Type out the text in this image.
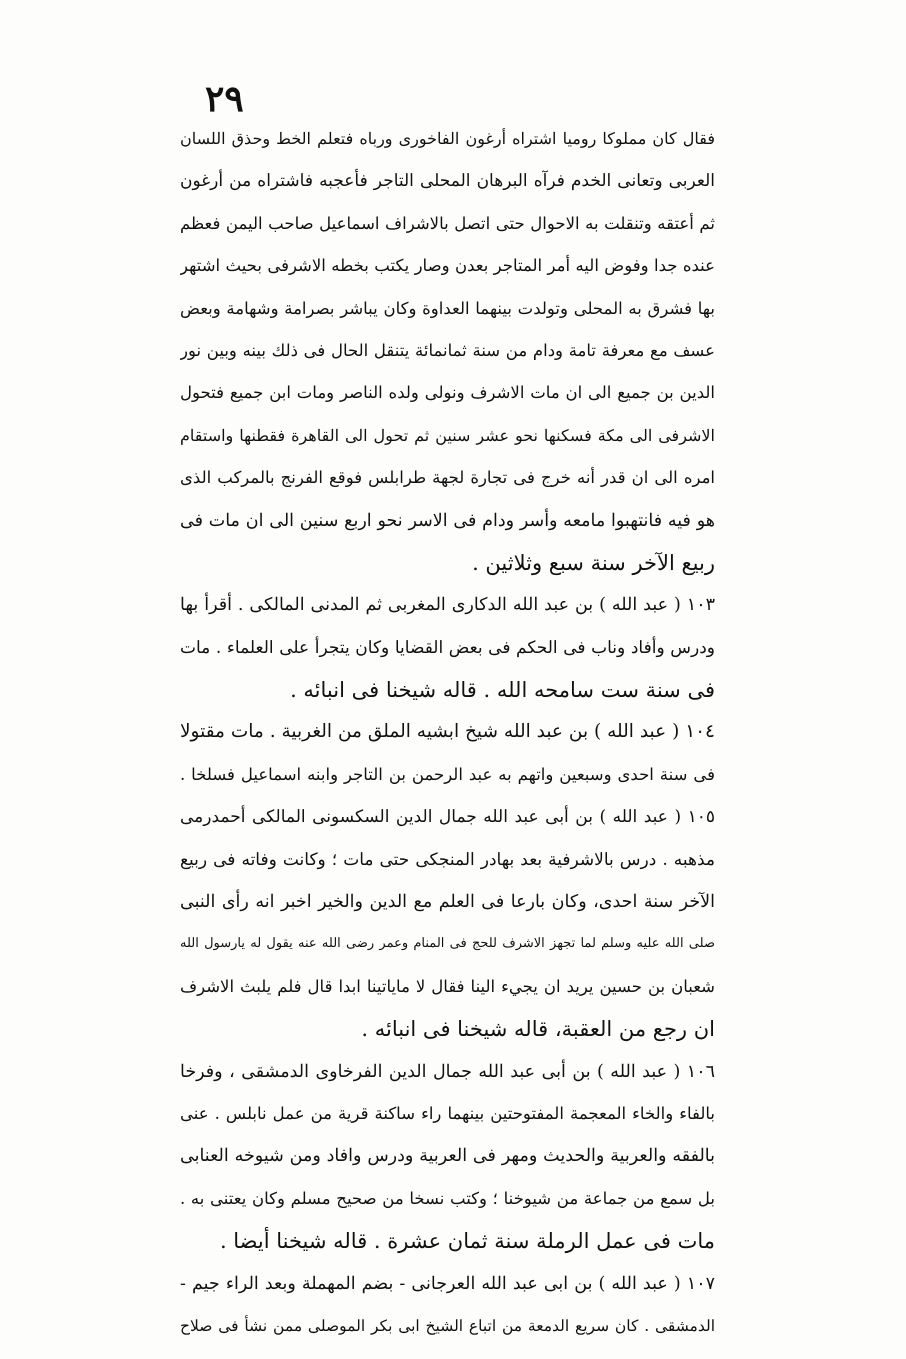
٢٩
فقال كان مملوكا روميا اشتراه أرغون الفاخورى ورباه فتعلم الخط وحذق اللسان
العربى وتعانى الخدم فرآه البرهان المحلى التاجر فأعجبه فاشتراه من أرغون
ثم أعتقه وتنقلت به الاحوال حتى اتصل بالاشراف اسماعيل صاحب اليمن فعظم
عنده جدا وفوض اليه أمر المتاجر بعدن وصار يكتب بخطه الاشرفى بحيث اشتهر
بها فشرق به المحلى وتولدت بينهما العداوة وكان يباشر بصرامة وشهامة وبعض
عسف مع معرفة تامة ودام من سنة ثمانمائة يتنقل الحال فى ذلك بينه وبين نور
الدين بن جميع الى ان مات الاشرف ونولى ولده الناصر ومات ابن جميع فتحول
الاشرفى الى مكة فسكنها نحو عشر سنين ثم تحول الى القاهرة فقطنها واستقام
امره الى ان قدر أنه خرج فى تجارة لجهة طرابلس فوقع الفرنج بالمركب الذى
هو فيه فانتهبوا مامعه وأسر ودام فى الاسر نحو اربع سنين الى ان مات فى
ربيع الآخر سنة سبع وثلاثين .
١٠٣ ( عبد الله ) بن عبد الله الدكارى المغربى ثم المدنى المالكى . أقرأ بها
ودرس وأفاد وناب فى الحكم فى بعض القضايا وكان يتجرأ على العلماء . مات
فى سنة ست سامحه الله . قاله شيخنا فى انبائه .
١٠٤ ( عبد الله ) بن عبد الله شيخ ابشيه الملق من الغربية . مات مقتولا
فى سنة احدى وسبعين واتهم به عبد الرحمن بن التاجر وابنه اسماعيل فسلخا .
١٠٥ ( عبد الله ) بن أبى عبد الله جمال الدين السكسونى المالكى أحمدرمى
مذهبه . درس بالاشرفية بعد بهادر المنجكى حتى مات ؛ وكانت وفاته فى ربيع
الآخر سنة احدى، وكان بارعا فى العلم مع الدين والخير اخبر انه رأى النبى
صلى الله عليه وسلم لما تجهز الاشرف للحج فى المنام وعمر رضى الله عنه يقول له يارسول الله
شعبان بن حسين يريد ان يجيء الينا فقال لا ماياتينا ابدا قال فلم يلبث الاشرف
ان رجع من العقبة، قاله شيخنا فى انبائه .
١٠٦ ( عبد الله ) بن أبى عبد الله جمال الدين الفرخاوى الدمشقى ، وفرخا
بالفاء والخاء المعجمة المفتوحتين بينهما راء ساكنة قرية من عمل نابلس . عنى
بالفقه والعربية والحديث ومهر فى العربية ودرس وافاد ومن شيوخه العنابى
بل سمع من جماعة من شيوخنا ؛ وكتب نسخا من صحيح مسلم وكان يعتنى به .
مات فى عمل الرملة سنة ثمان عشرة . قاله شيخنا أيضا .
١٠٧ ( عبد الله ) بن ابى عبد الله العرجانى - بضم المهملة وبعد الراء جيم -
الدمشقى . كان سريع الدمعة من اتباع الشيخ ابى بكر الموصلى ممن نشأ فى صلاح
